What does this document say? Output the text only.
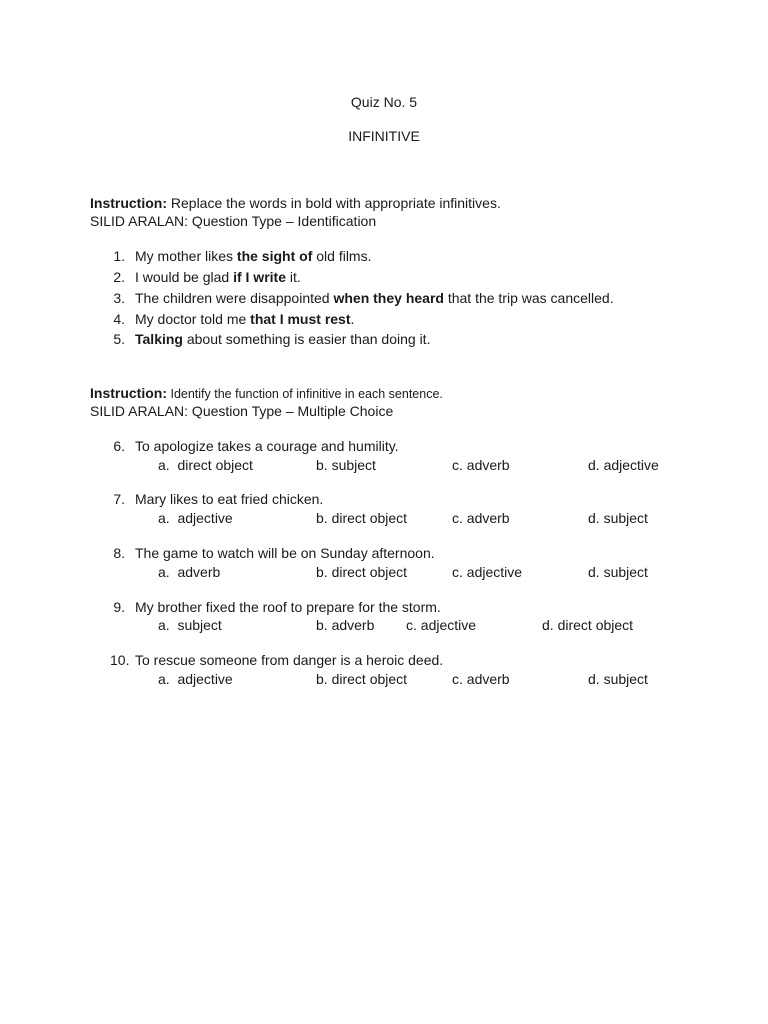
Quiz No. 5
INFINITIVE
Instruction: Replace the words in bold with appropriate infinitives.
SILID ARALAN: Question Type – Identification
1. My mother likes the sight of old films.
2. I would be glad if I write it.
3. The children were disappointed when they heard that the trip was cancelled.
4. My doctor told me that I must rest.
5. Talking about something is easier than doing it.
Instruction: Identify the function of infinitive in each sentence.
SILID ARALAN: Question Type – Multiple Choice
6. To apologize takes a courage and humility.
a.  direct object	b. subject	c. adverb	d. adjective
7. Mary likes to eat fried chicken.
a.  adjective	b. direct object	c. adverb	d. subject
8. The game to watch will be on Sunday afternoon.
a.  adverb	b. direct object	c. adjective	d. subject
9. My brother fixed the roof to prepare for the storm.
a.  subject	b. adverb c. adjective	d. direct object
10. To rescue someone from danger is a heroic deed.
a.  adjective	b. direct object	c. adverb	d. subject
